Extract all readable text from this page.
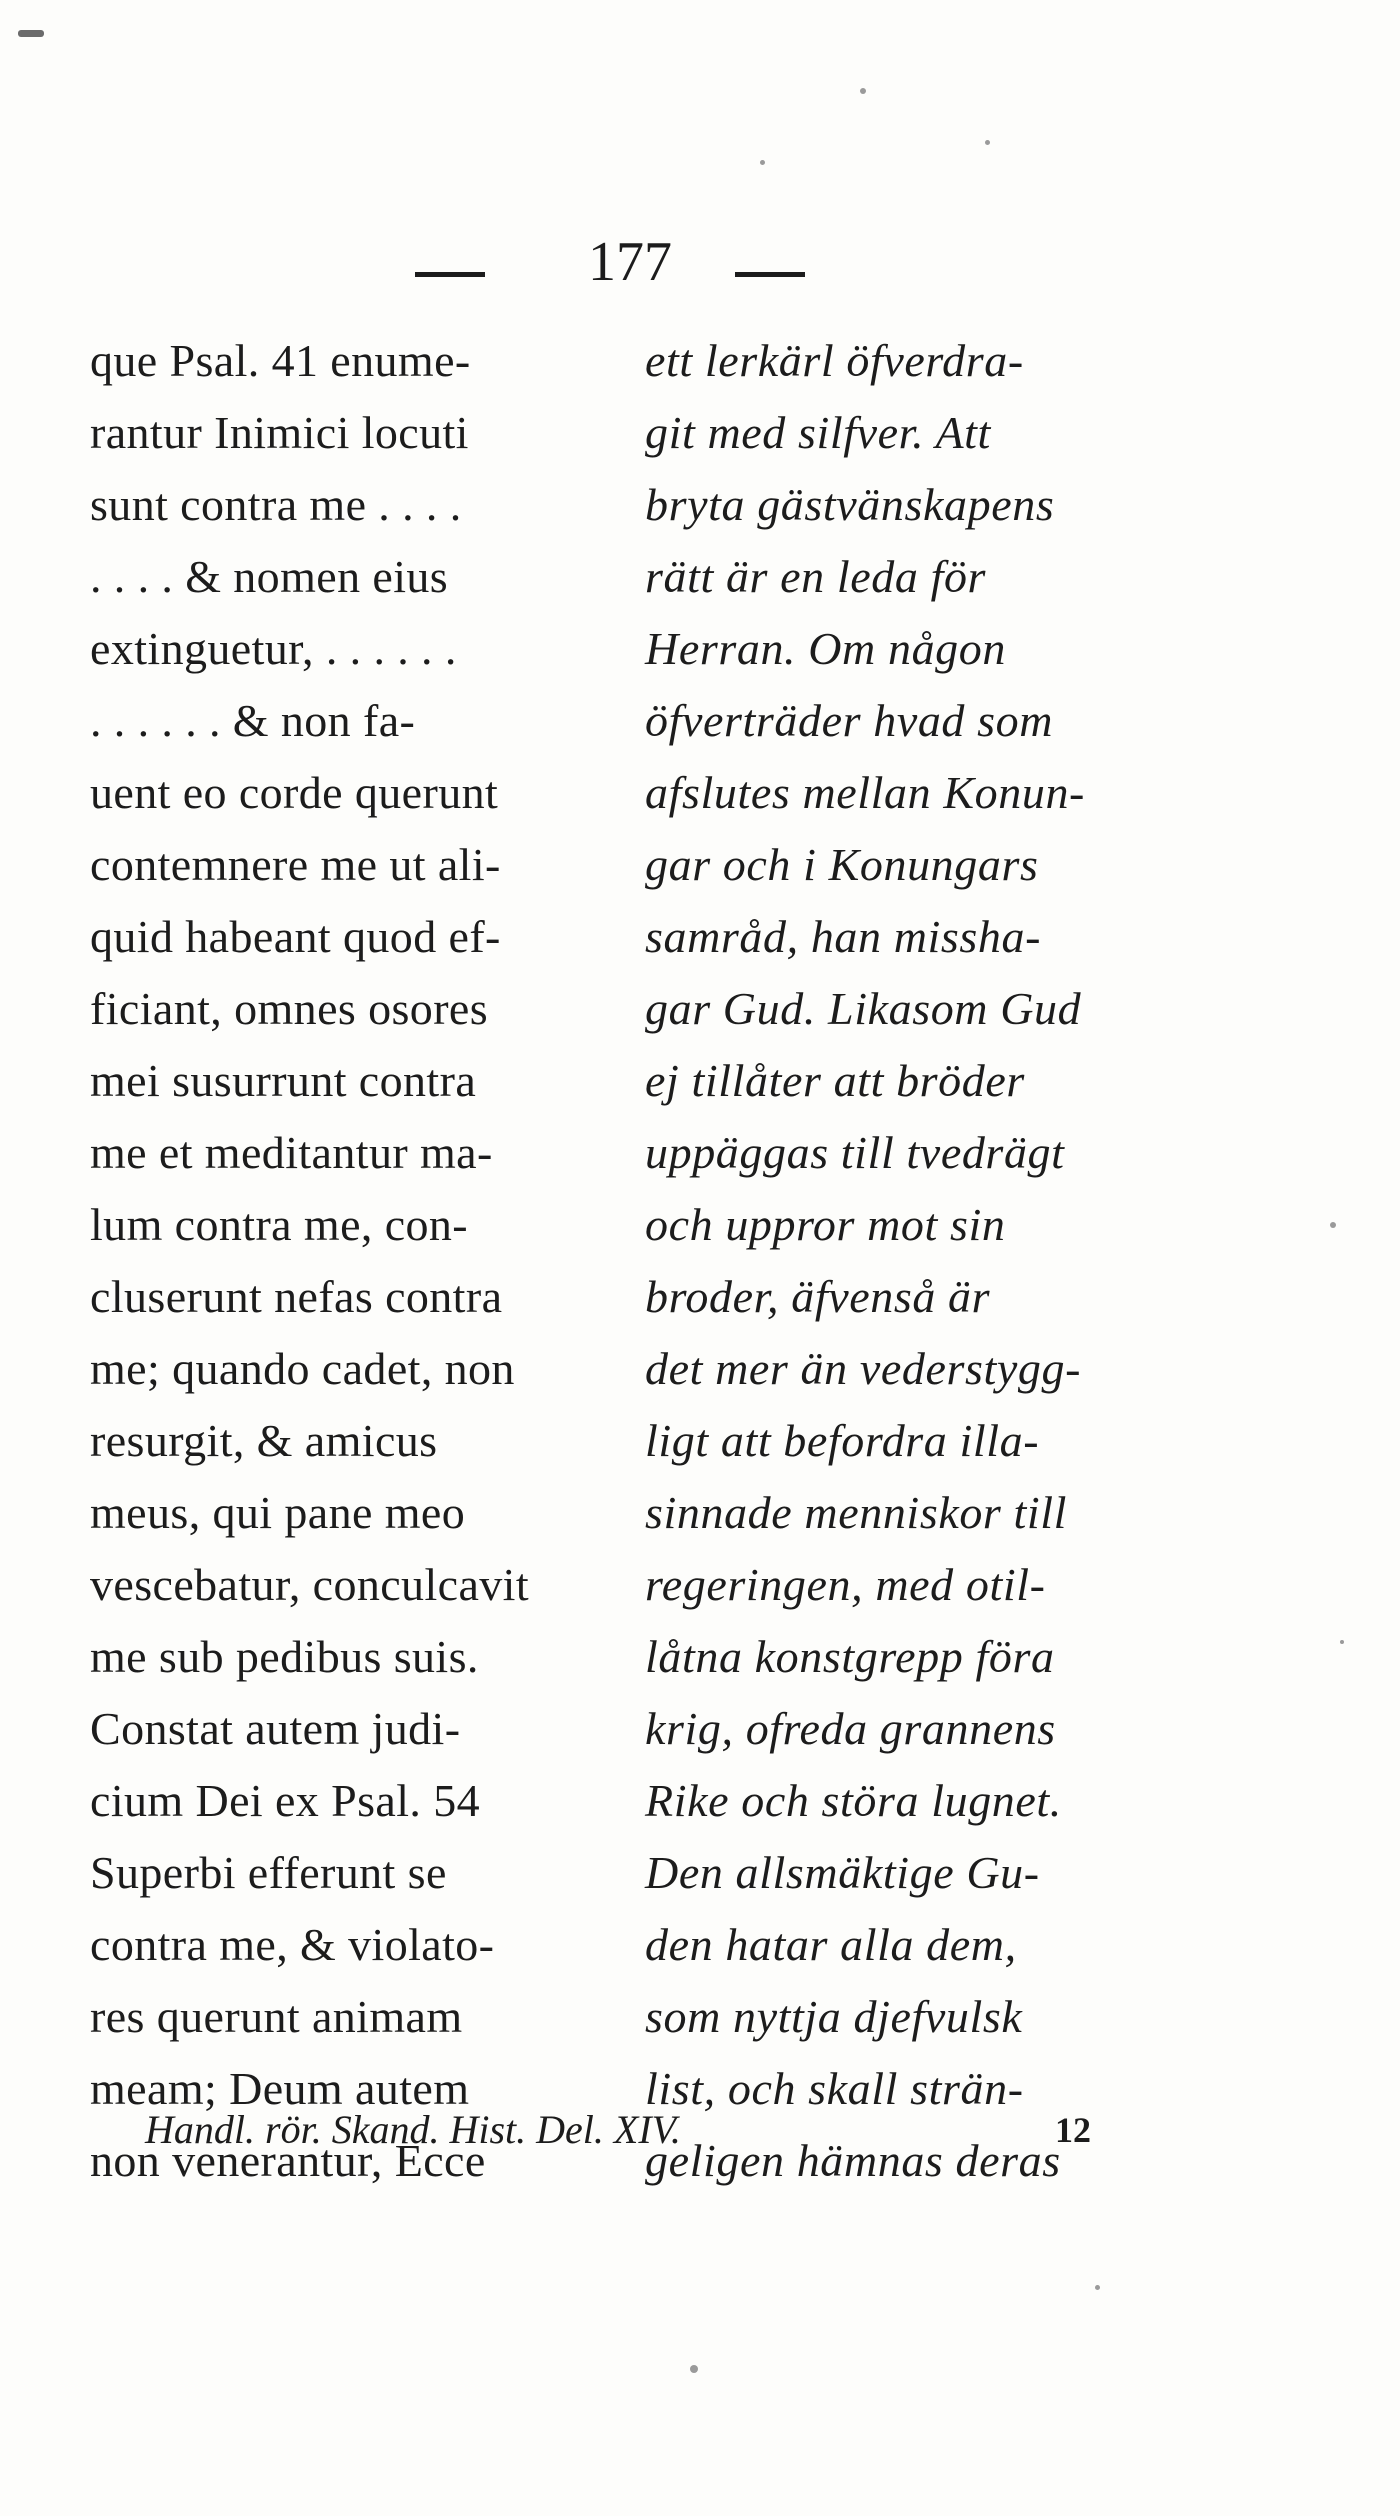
177
que Psal. 41 enume-
rantur Inimici locuti
sunt contra me . . . .
. . . . & nomen eius
extinguetur, . . . . . .
. . . . . . & non fa-
uent eo corde querunt
contemnere me ut ali-
quid habeant quod ef-
ficiant, omnes osores
mei susurrunt contra
me et meditantur ma-
lum contra me, con-
cluserunt nefas contra
me; quando cadet, non
resurgit, & amicus
meus, qui pane meo
vescebatur, conculcavit
me sub pedibus suis.
Constat autem judi-
cium Dei ex Psal. 54
Superbi efferunt se
contra me, & violato-
res querunt animam
meam; Deum autem
non venerantur, Ecce
ett lerkärl öfverdra-
git med silfver. Att
bryta gästvänskapens
rätt är en leda för
Herran. Om någon
öfverträder hvad som
afslutes mellan Konun-
gar och i Konungars
samråd, han missha-
gar Gud. Likasom Gud
ej tillåter att bröder
uppäggas till tvedrägt
och uppror mot sin
broder, äfvenså är
det mer än vederstygg-
ligt att befordra illa-
sinnade menniskor till
regeringen, med otil-
låtna konstgrepp föra
krig, ofreda grannens
Rike och störa lugnet.
Den allsmäktige Gu-
den hatar alla dem,
som nyttja djefvulsk
list, och skall strän-
geligen hämnas deras
Handl. rör. Skand. Hist. Del. XIV.	12
